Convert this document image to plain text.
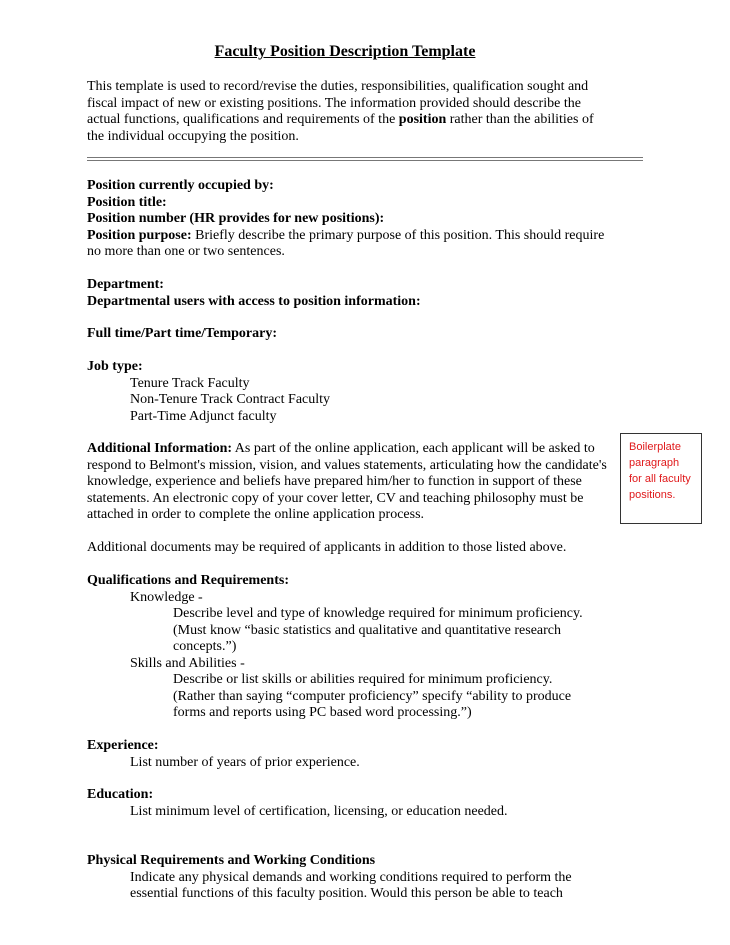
Faculty Position Description Template

This template is used to record/revise the duties, responsibilities, qualification sought and fiscal impact of new or existing positions. The information provided should describe the actual functions, qualifications and requirements of the position rather than the abilities of the individual occupying the position.

Position currently occupied by:

Position title:

Position number (HR provides for new positions):

Position purpose: Briefly describe the primary purpose of this position. This should require no more than one or two sentences.

Department:

Departmental users with access to position information:

Full time/Part time/Temporary:

Job type:

Tenure Track Faculty

Non-Tenure Track Contract Faculty

Part-Time Adjunct faculty

Additional Information: As part of the online application, each applicant will be asked to respond to Belmont's mission, vision, and values statements, articulating how the candidate's knowledge, experience and beliefs have prepared him/her to function in support of these statements. An electronic copy of your cover letter, CV and teaching philosophy must be attached in order to complete the online application process.

Boilerplate paragraph for all faculty positions.

Additional documents may be required of applicants in addition to those listed above.

Qualifications and Requirements:

Knowledge -

Describe level and type of knowledge required for minimum proficiency.

(Must know “basic statistics and qualitative and quantitative research concepts.”)

Skills and Abilities -

Describe or list skills or abilities required for minimum proficiency.

(Rather than saying “computer proficiency” specify “ability to produce forms and reports using PC based word processing.”)

Experience:

List number of years of prior experience.

Education:

List minimum level of certification, licensing, or education needed.

Physical Requirements and Working Conditions

Indicate any physical demands and working conditions required to perform the essential functions of this faculty position. Would this person be able to teach
